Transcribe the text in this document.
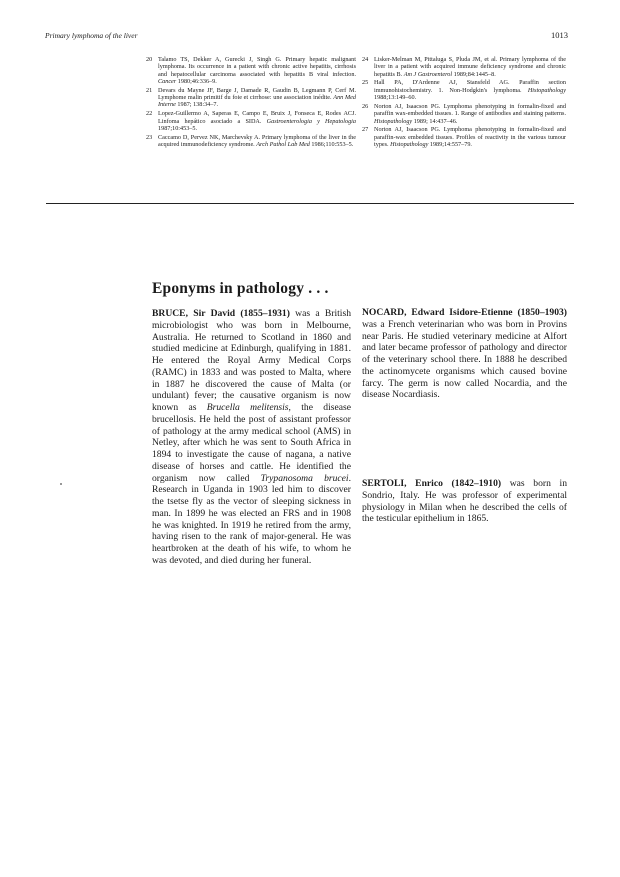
Primary lymphoma of the liver	1013
20 Talamo TS, Dekker A, Gurecki J, Singh G. Primary hepatic malignant lymphoma. Its occurrence in a patient with chronic active hepatitis, cirrhosis and hepatocellular carcinoma associated with hepatitis B viral infection. Cancer 1980;46:336–9.
21 Devars du Mayne JF, Barge J, Damade R, Gaudin B, Legmann P, Cerf M. Lymphome malin primitif du foie et cirrhose: une association inédite. Ann Med Interne 1987; 138:34–7.
22 Lopez-Guillermo A, Saperas E, Campo E, Bruix J, Fonseca E, Rodes ACJ. Linfoma hepático asociado a SIDA. Gastroenterologia y Hepatologia 1987;10:453–5.
23 Caccamo D, Pervez NK, Marchevsky A. Primary lymphoma of the liver in the acquired immunodeficiency syndrome. Arch Pathol Lab Med 1986;110:553–5.
24 Lisker-Melman M, Pittaluga S, Pluda JM, et al. Primary lymphoma of the liver in a patient with acquired immune deficiency syndrome and chronic hepatitis B. Am J Gastroenterol 1989;84:1445–8.
25 Hall PA, D'Ardenne AJ, Stansfeld AG. Paraffin section immunohistochemistry. 1. Non-Hodgkin's lymphoma. Histopathology 1988;13:149–60.
26 Norton AJ, Isaacson PG. Lymphoma phenotyping in formalin-fixed and paraffin wax-embedded tissues. 1. Range of antibodies and staining patterns. Histopathology 1989; 14:437–46.
27 Norton AJ, Isaacson PG. Lymphoma phenotyping in formalin-fixed and paraffin-wax embedded tissues. Profiles of reactivity in the various tumour types. Histopathology 1989;14:557–79.
Eponyms in pathology . . .

BRUCE, Sir David (1855–1931) was a British microbiologist who was born in Melbourne, Australia. He returned to Scotland in 1860 and studied medicine at Edinburgh, qualifying in 1881. He entered the Royal Army Medical Corps (RAMC) in 1833 and was posted to Malta, where in 1887 he discovered the cause of Malta (or undulant) fever; the causative organism is now known as Brucella melitensis, the disease brucellosis. He held the post of assistant professor of pathology at the army medical school (AMS) in Netley, after which he was sent to South Africa in 1894 to investigate the cause of nagana, a native disease of horses and cattle. He identified the organism now called Trypanosoma brucei. Research in Uganda in 1903 led him to discover the tsetse fly as the vector of sleeping sickness in man. In 1899 he was elected an FRS and in 1908 he was knighted. In 1919 he retired from the army, having risen to the rank of major-general. He was heartbroken at the death of his wife, to whom he was devoted, and died during her funeral.

NOCARD, Edward Isidore-Etienne (1850–1903) was a French veterinarian who was born in Provins near Paris. He studied veterinary medicine at Alfort and later became professor of pathology and director of the veterinary school there. In 1888 he described the actinomycete organisms which caused bovine farcy. The germ is now called Nocardia, and the disease Nocardiasis.

SERTOLI, Enrico (1842–1910) was born in Sondrio, Italy. He was professor of experimental physiology in Milan when he described the cells of the testicular epithelium in 1865.
